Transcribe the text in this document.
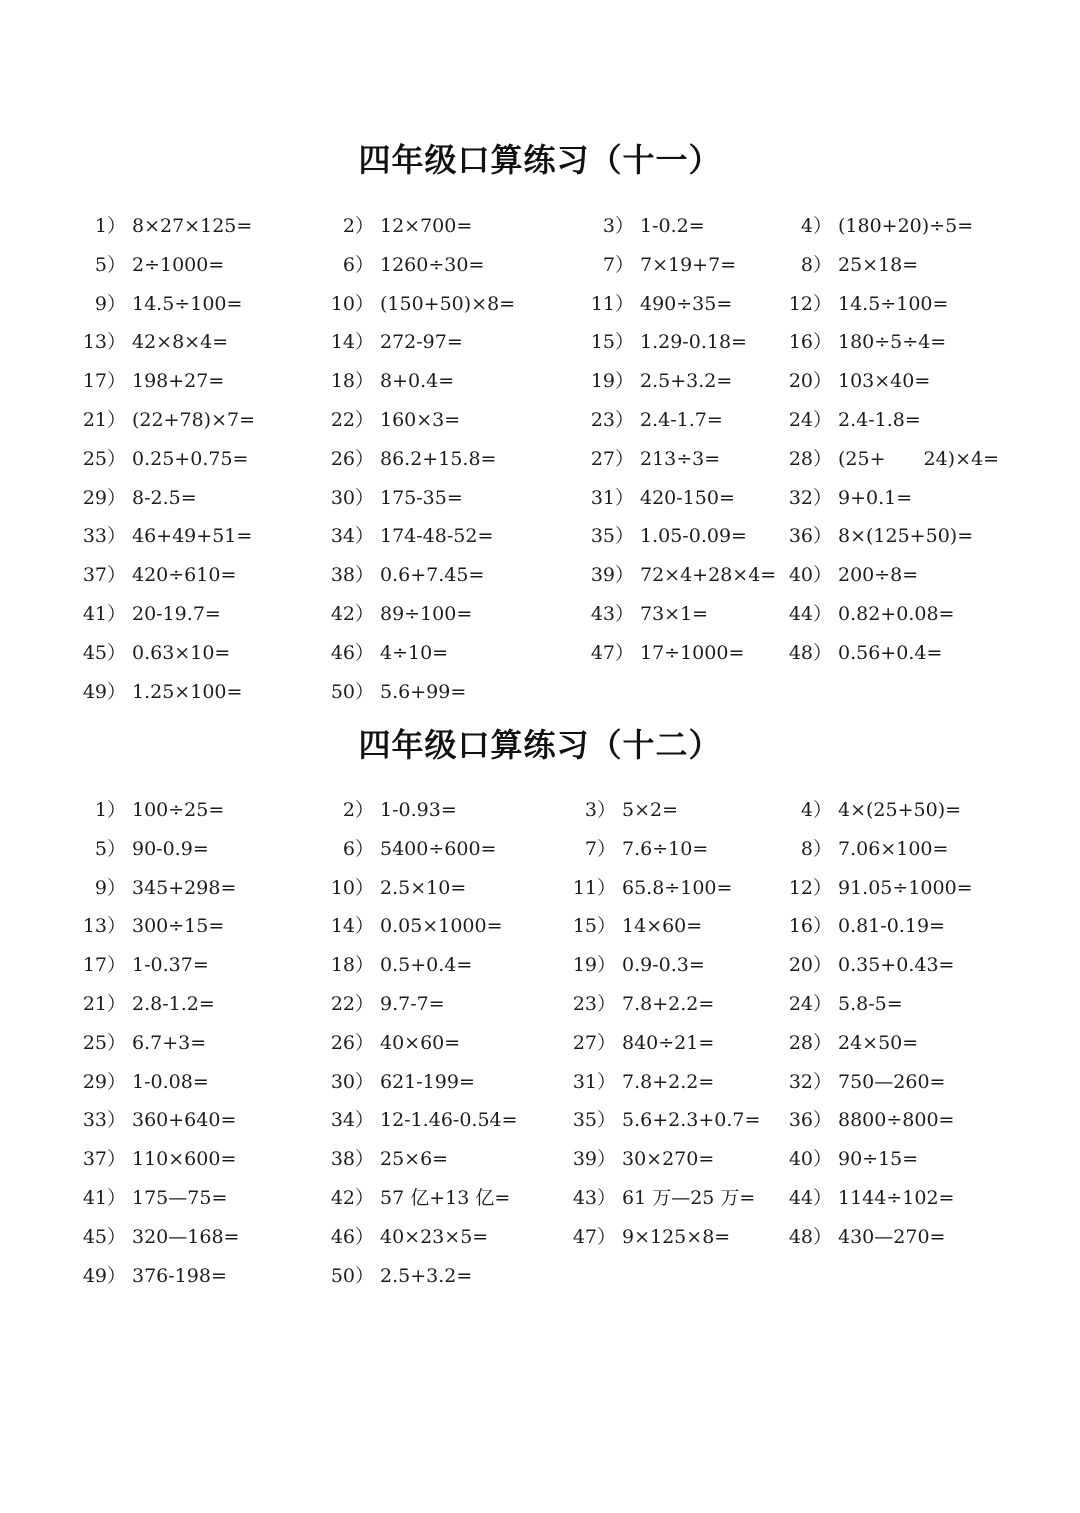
四年级口算练习（十一）
1） 8×27×125=	2） 12×700=	3） 1-0.2=	4） (180+20)÷5=
5） 2÷1000=	6） 1260÷30=	7） 7×19+7=	8） 25×18=
9） 14.5÷100=	10） (150+50)×8=	11） 490÷35=	12） 14.5÷100=
13） 42×8×4=	14） 272-97=	15） 1.29-0.18=	16） 180÷5÷4=
17） 198+27=	18） 8+0.4=	19） 2.5+3.2=	20） 103×40=
21） (22+78)×7=	22） 160×3=	23） 2.4-1.7=	24） 2.4-1.8=
25） 0.25+0.75=	26） 86.2+15.8=	27） 213÷3=	28） (25+　　24)×4=
29） 8-2.5=	30） 175-35=	31） 420-150=	32） 9+0.1=
33） 46+49+51=	34） 174-48-52=	35） 1.05-0.09=	36） 8×(125+50)=
37） 420÷610=	38） 0.6+7.45=	39） 72×4+28×4= 40） 200÷8=
41） 20-19.7=	42） 89÷100=	43） 73×1=	44） 0.82+0.08=
45） 0.63×10=	46） 4÷10=	47） 17÷1000=	48） 0.56+0.4=
49） 1.25×100=	50） 5.6+99=
四年级口算练习（十二）
1） 100÷25=	2） 1-0.93=	3） 5×2=	4） 4×(25+50)=
5） 90-0.9=	6） 5400÷600=	7） 7.6÷10=	8） 7.06×100=
9） 345+298=	10） 2.5×10=	11） 65.8÷100=	12） 91.05÷1000=
13） 300÷15=	14） 0.05×1000=	15） 14×60=	16） 0.81-0.19=
17） 1-0.37=	18） 0.5+0.4=	19） 0.9-0.3=	20） 0.35+0.43=
21） 2.8-1.2=	22） 9.7-7=	23） 7.8+2.2=	24） 5.8-5=
25） 6.7+3=	26） 40×60=	27） 840÷21=	28） 24×50=
29） 1-0.08=	30） 621-199=	31） 7.8+2.2=	32） 750—260=
33） 360+640=	34） 12-1.46-0.54=	35） 5.6+2.3+0.7=	36） 8800÷800=
37） 110×600=	38） 25×6=	39） 30×270=	40） 90÷15=
41） 175—75=	42） 57 亿+13 亿=	43） 61 万—25 万=	44） 1144÷102=
45） 320—168=	46） 40×23×5=	47） 9×125×8=	48） 430—270=
49） 376-198=	50） 2.5+3.2=
